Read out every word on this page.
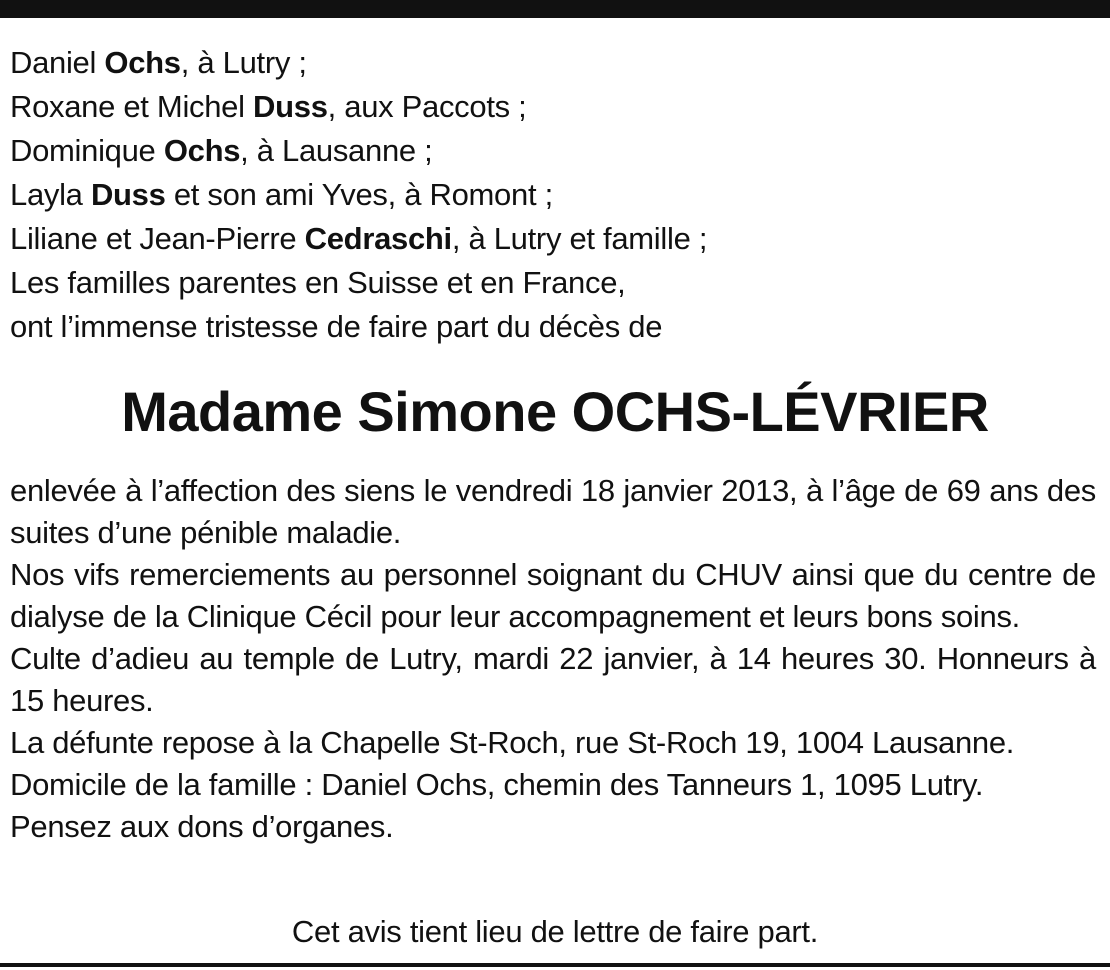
Daniel Ochs, à Lutry ;
Roxane et Michel Duss, aux Paccots ;
Dominique Ochs, à Lausanne ;
Layla Duss et son ami Yves, à Romont ;
Liliane et Jean-Pierre Cedraschi, à Lutry et famille ;
Les familles parentes en Suisse et en France,
ont l’immense tristesse de faire part du décès de
Madame Simone OCHS-LÉVRIER

enlevée à l’affection des siens le vendredi 18 janvier 2013, à l’âge de 69 ans des suites d’une pénible maladie.

Nos vifs remerciements au personnel soignant du CHUV ainsi que du centre de dialyse de la Clinique Cécil pour leur accompagnement et leurs bons soins.

Culte d’adieu au temple de Lutry, mardi 22 janvier, à 14 heures 30. Honneurs à 15 heures.

La défunte repose à la Chapelle St-Roch, rue St-Roch 19, 1004 Lausanne.
Domicile de la famille : Daniel Ochs, chemin des Tanneurs 1, 1095 Lutry.
Pensez aux dons d’organes.
Cet avis tient lieu de lettre de faire part.
